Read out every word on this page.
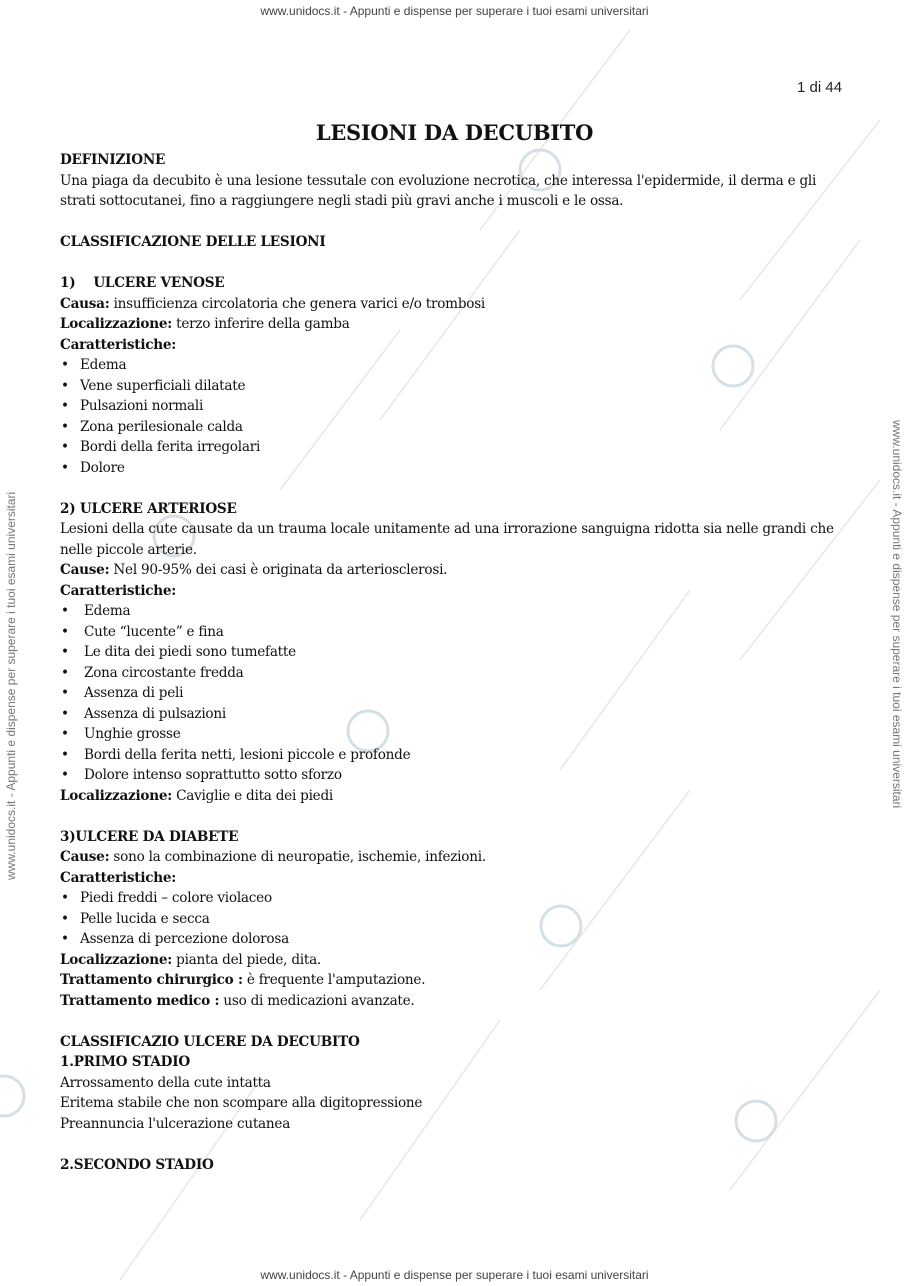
www.unidocs.it - Appunti e dispense per superare i tuoi esami universitari
www.unidocs.it - Appunti e dispense per superare i tuoi esami universitari
www.unidocs.it - Appunti e dispense per superare i tuoi esami universitari	www.unidocs.it - Appunti e dispense per superare i tuoi esami universitari
1 di 44
LESIONI DA DECUBITO

DEFINIZIONE

Una piaga da decubito è una lesione tessutale con evoluzione necrotica, che interessa l'epidermide, il derma e gli strati sottocutanei, fino a raggiungere negli stadi più gravi anche i muscoli e le ossa.

CLASSIFICAZIONE DELLE LESIONI

1)    ULCERE VENOSE

Causa: insufficienza circolatoria che genera varici e/o trombosi

Localizzazione: terzo inferire della gamba

Caratteristiche:

• Edema
• Vene superficiali dilatate
• Pulsazioni normali
• Zona perilesionale calda
• Bordi della ferita irregolari
• Dolore

2) ULCERE ARTERIOSE

Lesioni della cute causate da un trauma locale unitamente ad una irrorazione sanguigna ridotta sia nelle grandi che nelle piccole arterie.

Cause: Nel 90-95% dei casi è originata da arteriosclerosi.

Caratteristiche:

• Edema
• Cute “lucente” e fina
• Le dita dei piedi sono tumefatte
• Zona circostante fredda
• Assenza di peli
• Assenza di pulsazioni
• Unghie grosse
• Bordi della ferita netti, lesioni piccole e profonde
• Dolore intenso soprattutto sotto sforzo

Localizzazione: Caviglie e dita dei piedi

3)ULCERE DA DIABETE

Cause: sono la combinazione di neuropatie, ischemie, infezioni.

Caratteristiche:

• Piedi freddi – colore violaceo
• Pelle lucida e secca
• Assenza di percezione dolorosa

Localizzazione: pianta del piede, dita.

Trattamento chirurgico : è frequente l'amputazione.

Trattamento medico : uso di medicazioni avanzate.

CLASSIFICAZIO ULCERE DA DECUBITO

1.PRIMO STADIO

Arrossamento della cute intatta

Eritema stabile che non scompare alla digitopressione

Preannuncia l'ulcerazione cutanea

2.SECONDO STADIO
